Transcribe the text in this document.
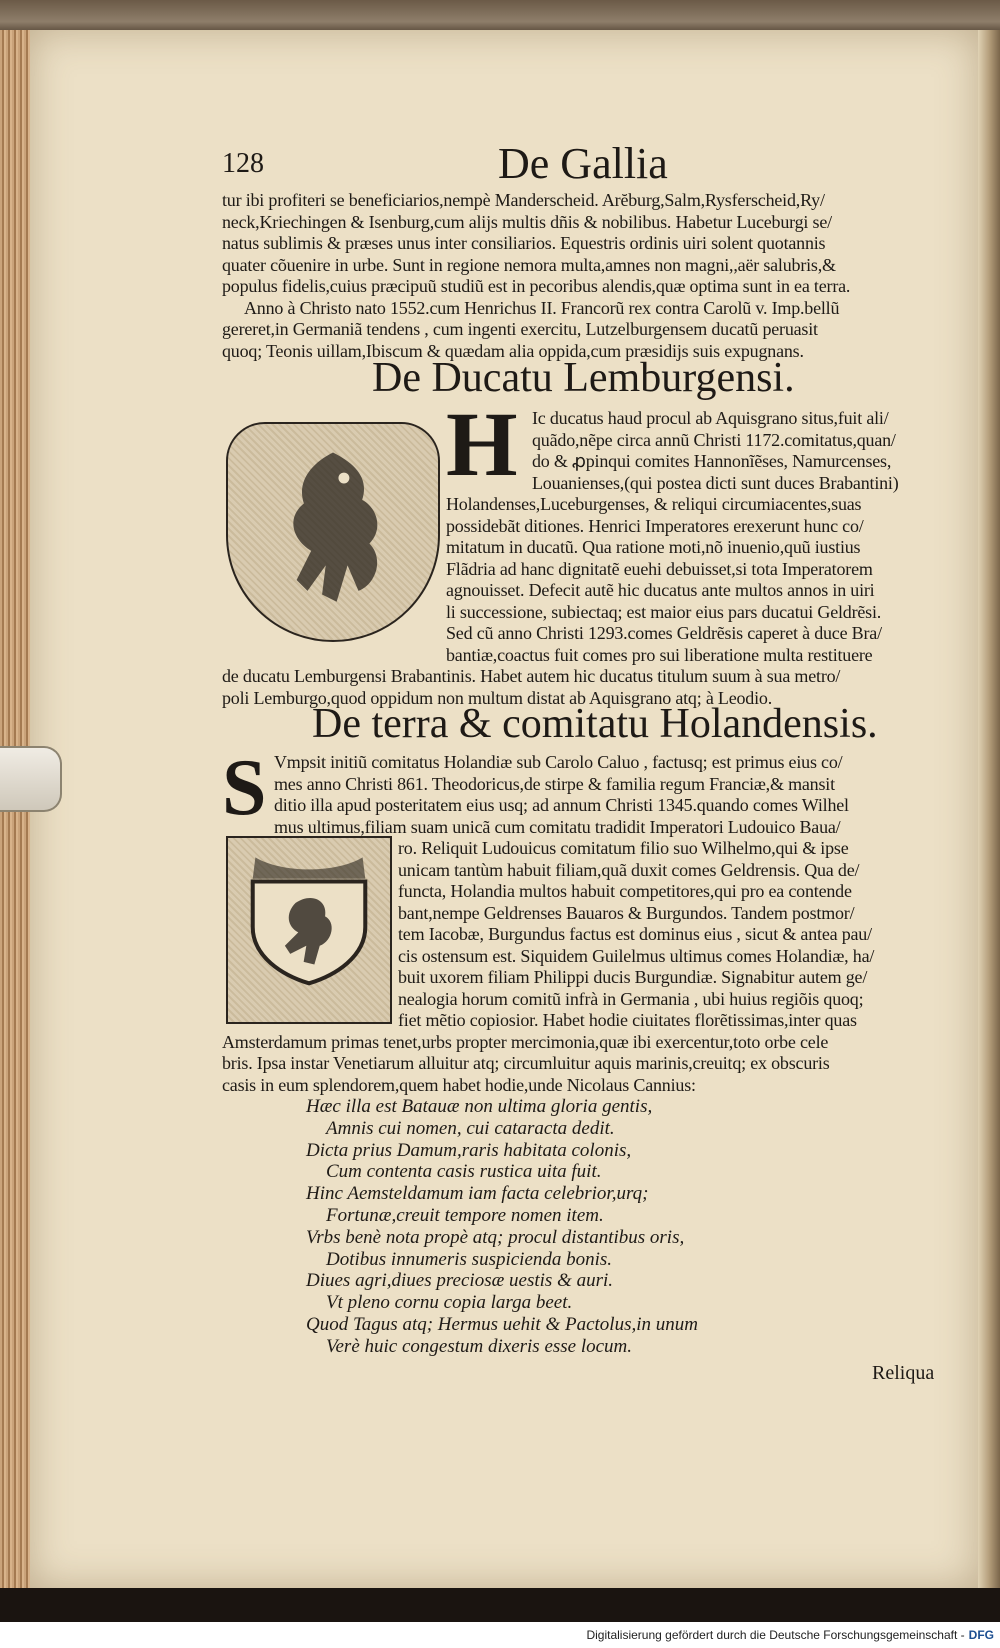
128	De Gallia
tur ibi profiteri se beneficiarios,nempè Manderscheid. Arĕburg,Salm,Rysferscheid,Ry/
neck,Kriechingen & Isenburg,cum alijs multis dñis & nobilibus. Habetur Luceburgi se/
natus sublimis & præses unus inter consiliarios. Equestris ordinis uiri solent quotannis
quater cõuenire in urbe. Sunt in regione nemora multa,amnes non magni,,aër salubris,&
populus fidelis,cuius præcipuũ studiũ est in pecoribus alendis,quæ optima sunt in ea terra.
Anno à Christo nato 1552.cum Henrichus II. Francorũ rex contra Carolũ v. Imp.bellũ
gereret,in Germaniã tendens , cum ingenti exercitu, Lutzelburgensem ducatũ peruasit
quoq; Teonis uillam,Ibiscum & quædam alia oppida,cum præsidijs suis expugnans.
De Ducatu Lemburgensi.
H Ic ducatus haud procul ab Aquisgrano situs,fuit ali/
quãdo,nẽpe circa annũ Christi 1172.comitatus,quan/
do & ꝓpinqui comites Hannonĩẽses, Namurcenses,
Louanienses,(qui postea dicti sunt duces Brabantini)
Holandenses,Luceburgenses, & reliqui circumiacentes,suas
possidebãt ditiones. Henrici Imperatores erexerunt hunc co/
mitatum in ducatũ. Qua ratione moti,nõ inuenio,quũ iustius
Flãdria ad hanc dignitatẽ euehi debuisset,si tota Imperatorem
agnouisset. Defecit autẽ hic ducatus ante multos annos in uiri
li successione, subiectaq; est maior eius pars ducatui Geldrẽsi.
Sed cũ anno Christi 1293.comes Geldrẽsis caperet à duce Bra/
bantiæ,coactus fuit comes pro sui liberatione multa restituere
de ducatu Lemburgensi Brabantinis. Habet autem hic ducatus titulum suum à sua metro/
poli Lemburgo,quod oppidum non multum distat ab Aquisgrano atq; à Leodio.
De terra & comitatu Holandensis.
S Vmpsit initiũ comitatus Holandiæ sub Carolo Caluo , factusq; est primus eius co/
mes anno Christi 861. Theodoricus,de stirpe & familia regum Franciæ,& mansit
ditio illa apud posteritatem eius usq; ad annum Christi 1345.quando comes Wilhel
mus ultimus,filiam suam unicã cum comitatu tradidit Imperatori Ludouico Baua/
ro. Reliquit Ludouicus comitatum filio suo Wilhelmo,qui & ipse
unicam tantùm habuit filiam,quã duxit comes Geldrensis. Qua de/
functa, Holandia multos habuit competitores,qui pro ea contende
bant,nempe Geldrenses Bauaros & Burgundos. Tandem postmor/
tem Iacobæ, Burgundus factus est dominus eius , sicut & antea pau/
cis ostensum est. Siquidem Guilelmus ultimus comes Holandiæ, ha/
buit uxorem filiam Philippi ducis Burgundiæ. Signabitur autem ge/
nealogia horum comitũ infrà in Germania , ubi huius regiõis quoq;
fiet mẽtio copiosior. Habet hodie ciuitates florẽtissimas,inter quas
Amsterdamum primas tenet,urbs propter mercimonia,quæ ibi exercentur,toto orbe cele
bris. Ipsa instar Venetiarum alluitur atq; circumluitur aquis marinis,creuitq; ex obscuris
casis in eum splendorem,quem habet hodie,unde Nicolaus Cannius:
Hæc illa est Batauæ non ultima gloria gentis,
Amnis cui nomen, cui cataracta dedit.
Dicta prius Damum,raris habitata colonis,
Cum contenta casis rustica uita fuit.
Hinc Aemsteldamum iam facta celebrior,urq;
Fortunæ,creuit tempore nomen item.
Vrbs benè nota propè atq; procul distantibus oris,
Dotibus innumeris suspicienda bonis.
Diues agri,diues preciosæ uestis & auri.
Vt pleno cornu copia larga beet.
Quod Tagus atq; Hermus uehit & Pactolus,in unum
Verè huic congestum dixeris esse locum.
Reliqua
Digitalisierung gefördert durch die Deutsche Forschungsgemeinschaft - DFG
